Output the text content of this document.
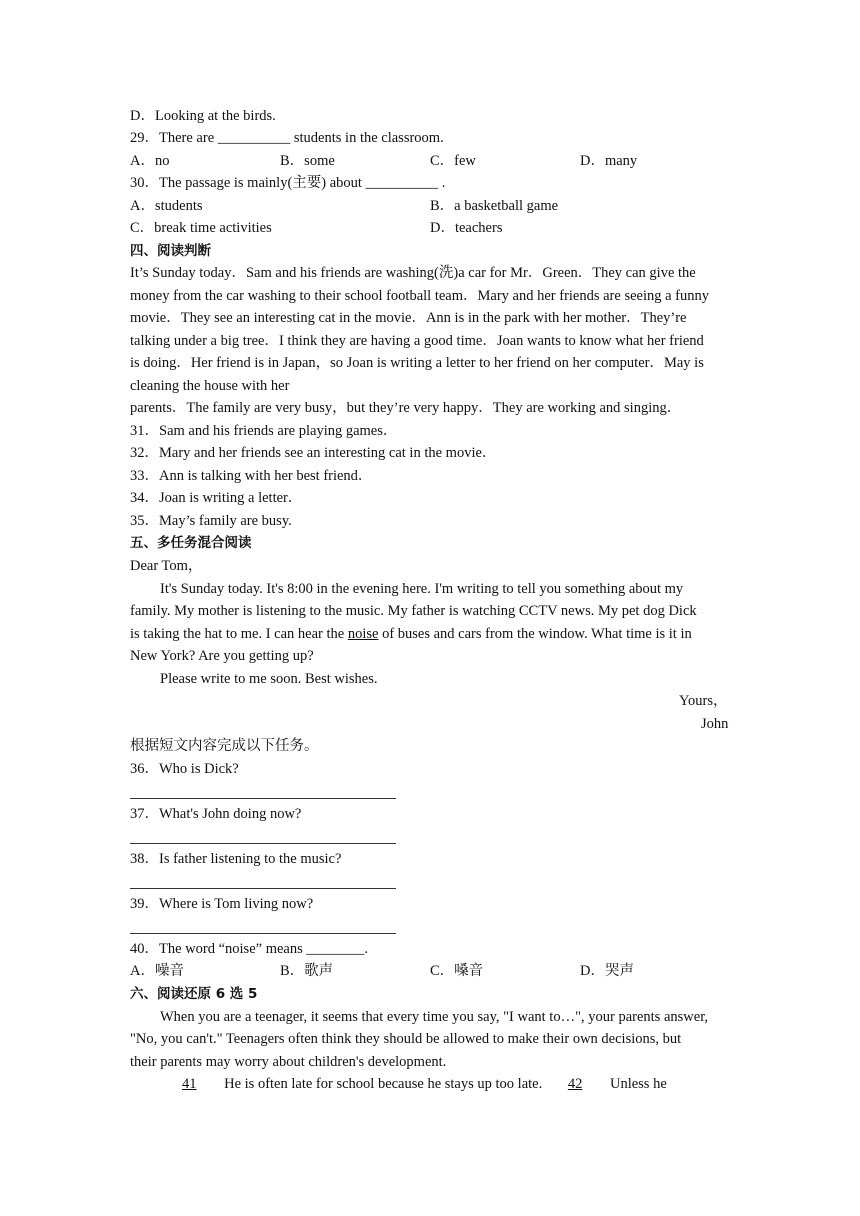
D．Looking at the birds.
29．There are __________ students in the classroom.
A．no	B．some	C．few	D．many
30．The passage is mainly(主要) about __________ .
A．students	B．a basketball game
C．break time activities	D．teachers
四、阅读判断
It’s Sunday today．Sam and his friends are washing(洗)a car for Mr．Green．They can give the
money from the car washing to their school football team．Mary and her friends are seeing a funny
movie．They see an interesting cat in the movie．Ann is in the park with her mother．They’re
talking under a big tree．I think they are having a good time．Joan wants to know what her friend
is doing．Her friend is in Japan，so Joan is writing a letter to her friend on her computer．May is
cleaning the house with her
parents．The family are very busy，but they’re very happy．They are working and singing．
31．Sam and his friends are playing games．
32．Mary and her friends see an interesting cat in the movie．
33．Ann is talking with her best friend．
34．Joan is writing a letter．
35．May’s family are busy.
五、多任务混合阅读
Dear Tom，
It's Sunday today. It's 8:00 in the evening here. I'm writing to tell you something about my
family. My mother is listening to the music. My father is watching CCTV news. My pet dog Dick
is taking the hat to me. I can hear the noise of buses and cars from the window. What time is it in
New York? Are you getting up?
Please write to me soon. Best wishes.
Yours，
John
根据短文内容完成以下任务。
36．Who is Dick?
37．What's John doing now?
38．Is father listening to the music?
39．Where is Tom living now?
40．The word “noise” means ________.
A．噪音	B．歌声	C．嗓音	D．哭声
六、阅读还原 6 选 5
When you are a teenager, it seems that every time you say, "I want to…", your parents answer,
"No, you can't." Teenagers often think they should be allowed to make their own decisions, but
their parents may worry about children's development.
41 He is often late for school because he stays up too late. 42 Unless he
